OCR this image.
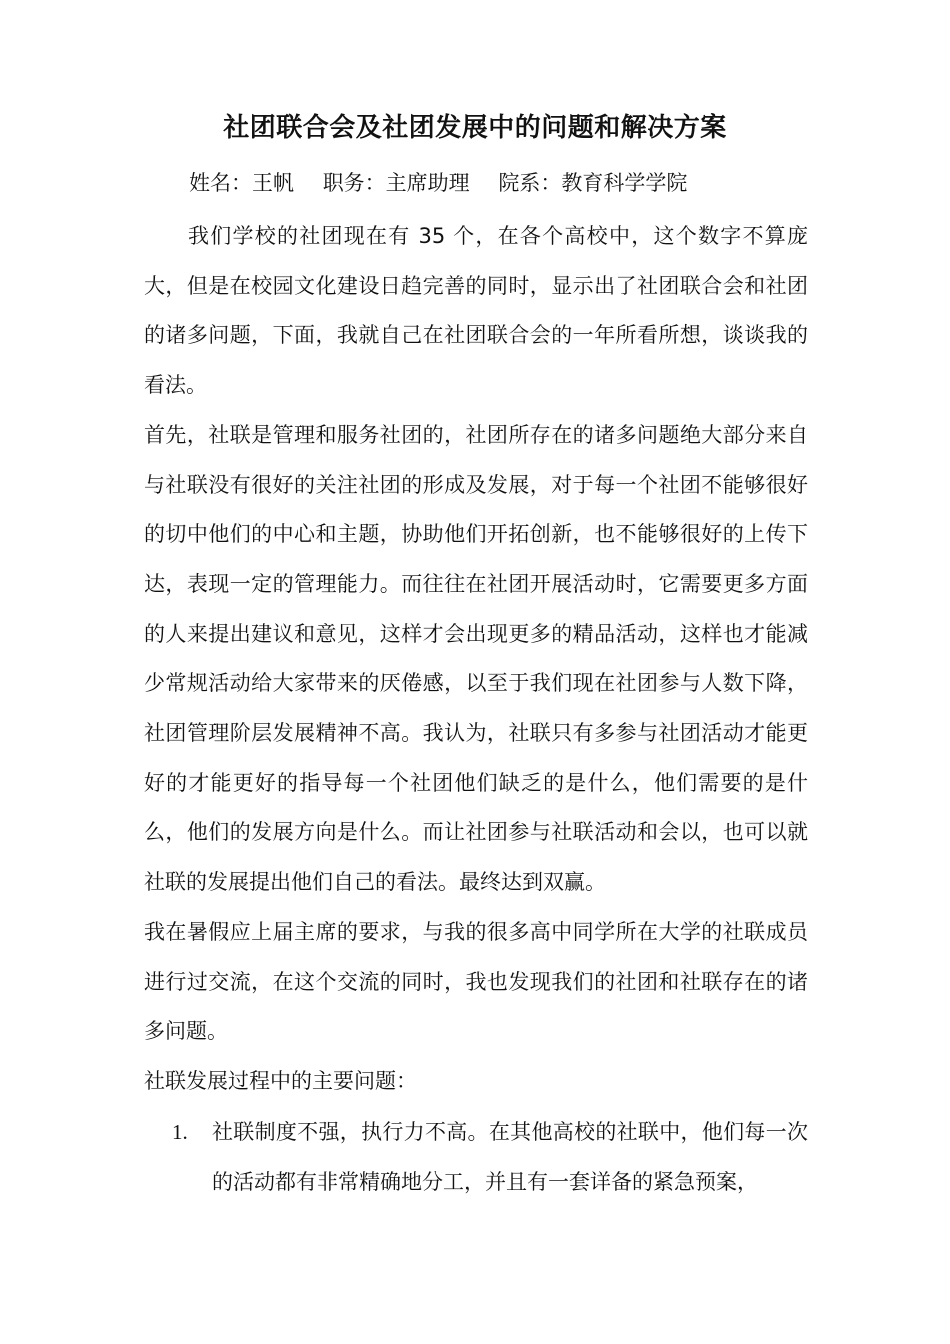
社团联合会及社团发展中的问题和解决方案
姓名：王帆 职务：主席助理 院系：教育科学学院

我们学校的社团现在有 35 个，在各个高校中，这个数字不算庞大，但是在校园文化建设日趋完善的同时，显示出了社团联合会和社团的诸多问题，下面，我就自己在社团联合会的一年所看所想，谈谈我的看法。

首先，社联是管理和服务社团的，社团所存在的诸多问题绝大部分来自与社联没有很好的关注社团的形成及发展，对于每一个社团不能够很好的切中他们的中心和主题，协助他们开拓创新，也不能够很好的上传下达，表现一定的管理能力。而往往在社团开展活动时，它需要更多方面的人来提出建议和意见，这样才会出现更多的精品活动，这样也才能减少常规活动给大家带来的厌倦感，以至于我们现在社团参与人数下降，社团管理阶层发展精神不高。我认为，社联只有多参与社团活动才能更好的才能更好的指导每一个社团他们缺乏的是什么，他们需要的是什么，他们的发展方向是什么。而让社团参与社联活动和会以，也可以就社联的发展提出他们自己的看法。最终达到双赢。

我在暑假应上届主席的要求，与我的很多高中同学所在大学的社联成员进行过交流，在这个交流的同时，我也发现我们的社团和社联存在的诸多问题。

社联发展过程中的主要问题：

1. 社联制度不强，执行力不高。在其他高校的社联中，他们每一次的活动都有非常精确地分工，并且有一套详备的紧急预案，
